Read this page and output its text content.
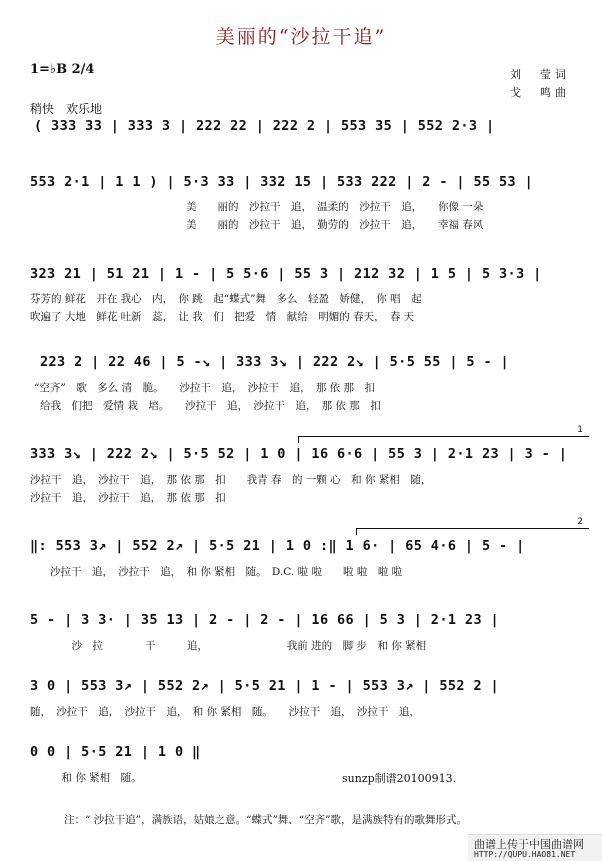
美丽的“沙拉干追”
1=♭B 2/4	刘　莹词
戈　鸣曲
稍快　欢乐地
( 333 33 | 333 3 | 222 22 | 222 2 | 553 35 | 552 2·3 |
553 2·1 | 1 1 ) | 5·3 33 | 332 15 | 533 222 | 2 - | 55 53 |
美　　丽的　沙拉干　追，　温柔的　沙拉干　追，　　你像 一朵
美　　丽的　沙拉干　追，　勤劳的　沙拉干　追，　　幸福 春风
323 21 | 51 21 | 1 - | 5 5·6 | 55 3 | 212 32 | 1 5 | 5 3·3 |
芬芳的 鲜花　开在 我心　内，　你 跳　起“蝶式”舞　多么　轻盈　娇健，　你 唱　起
吹遍了 大地　鲜花 吐新　蕊，　让 我　们　把爱　情　献给　明媚的 春天，　春 天
223 2 | 22 46 | 5 -↘ | 333 3↘ | 222 2↘ | 5·5 55 | 5 - |
“空齐”　歌　多么 清　脆。　　沙拉干　追，　沙拉干　追，　那 依 那　扣
给我　们把　爱情 栽　培。　　沙拉干　追，　沙拉干　追，　那 依 那　扣
1
333 3↘ | 222 2↘ | 5·5 52 | 1 0 | 16 6·6 | 55 3 | 2·1 23 | 3 - |
沙拉干　追，　沙拉干　追，　那 依 那　扣　　我青 春　的 一颗 心　和 你 紧相　随，
沙拉干　追，　沙拉干　追，　那 依 那　扣
2
‖: 553 3↗ | 552 2↗ | 5·5 21 | 1 0 :‖ 1 6· | 65 4·6 | 5 - |
沙拉干　追，　沙拉干　追，　和 你 紧相　随。　D.C. 啦 啦　　啦 啦　啦 啦
5 - | 3 3· | 35 13 | 2 - | 2 - | 16 66 | 5 3 | 2·1 23 |
　　　沙　拉　　　　干　　　追，　　　　　　　　我前 进的　脚 步　和 你 紧相
3 0 | 553 3↗ | 552 2↗ | 5·5 21 | 1 - | 553 3↗ | 552 2 |
随，　沙拉干　追，　沙拉干　追，　和 你 紧相　随。　　沙拉干　追，　沙拉干　追，
0 0 | 5·5 21 | 1 0 ‖
　　　和 你 紧相　随。	sunzp制谱20100913.
注：“ 沙拉干追”，满族语，姑娘之意。“蝶式”舞、“空齐”歌，是满族特有的歌舞形式。
曲谱上传于中国曲谱网
HTTP://QUPU.HAO81.NET
